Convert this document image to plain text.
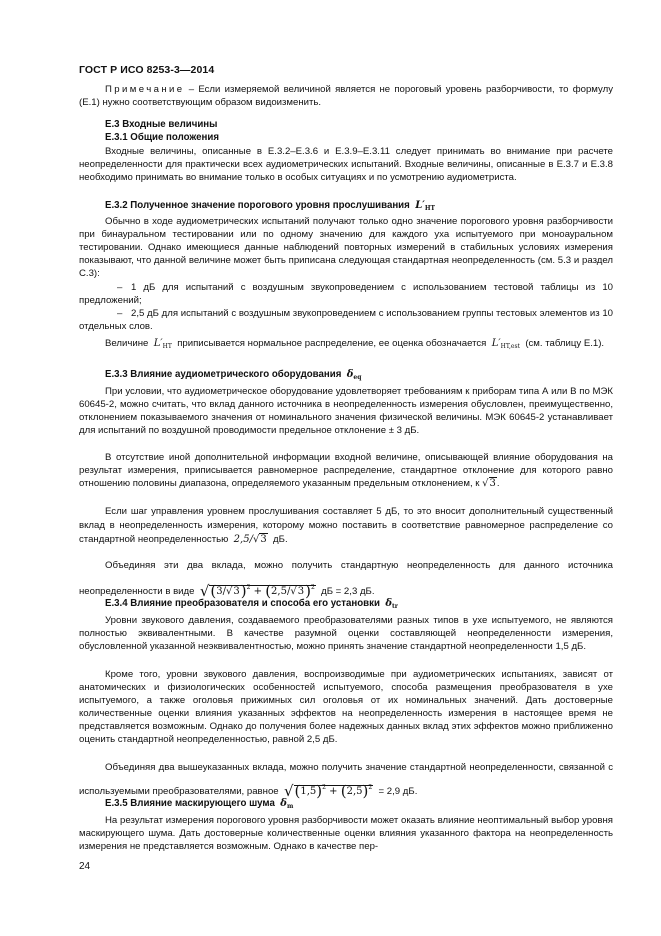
ГОСТ Р ИСО 8253-3—2014

Примечание – Если измеряемой величиной является не пороговый уровень разборчивости, то формулу (Е.1) нужно соответствующим образом видоизменить.

Е.3 Входные величины

Е.3.1 Общие положения

Входные величины, описанные в Е.3.2–Е.3.6 и Е.3.9–Е.3.11 следует принимать во внимание при расчете неопределенности для практически всех аудиометрических испытаний. Входные величины, описанные в Е.3.7 и Е.3.8 необходимо принимать во внимание только в особых ситуациях и по усмотрению аудиометриста.

Е.3.2 Полученное значение порогового уровня прослушивания $L'_{HT}$

Обычно в ходе аудиометрических испытаний получают только одно значение порогового уровня разборчивости при бинауральном тестировании или по одному значению для каждого уха испытуемого при моноауральном тестировании. Однако имеющиеся данные наблюдений повторных измерений в стабильных условиях измерения показывают, что данной величине может быть приписана следующая стандартная неопределенность (см. 5.3 и раздел С.3):

– 1 дБ для испытаний с воздушным звукопроведением с использованием тестовой таблицы из 10 предложений;

– 2,5 дБ для испытаний с воздушным звукопроведением с использованием группы тестовых элементов из 10 отдельных слов.

Величине $L'_{HT}$ приписывается нормальное распределение, ее оценка обозначается $L'_{HT,est}$ (см. таблицу Е.1).

Е.3.3 Влияние аудиометрического оборудования $\delta_{eq}$

При условии, что аудиометрическое оборудование удовлетворяет требованиям к приборам типа А или В по МЭК 60645-2, можно считать, что вклад данного источника в неопределенность измерения обусловлен, преимущественно, отклонением показываемого значения от номинального значения физической величины. МЭК 60645-2 устанавливает для испытаний по воздушной проводимости предельное отклонение ± 3 дБ.

В отсутствие иной дополнительной информации входной величине, описывающей влияние оборудования на результат измерения, приписывается равномерное распределение, стандартное отклонение для которого равно отношению половины диапазона, определяемого указанным предельным отклонением, к √3.

Если шаг управления уровнем прослушивания составляет 5 дБ, то это вносит дополнительный существенный вклад в неопределенность измерения, которому можно поставить в соответствие равномерное распределение со стандартной неопределенностью 2,5/√3 дБ.

Объединяя эти два вклада, можно получить стандартную неопределенность для данного источника неопределенности в виде $√(3/√3)^2 + (2,5/√3)^2$ дБ = 2,3 дБ.

Е.3.4 Влияние преобразователя и способа его установки $\delta_{tr}$

Уровни звукового давления, создаваемого преобразователями разных типов в ухе испытуемого, не являются полностью эквивалентными. В качестве разумной оценки составляющей неопределенности измерения, обусловленной указанной неэквивалентностью, можно принять значение стандартной неопределенности 1,5 дБ.

Кроме того, уровни звукового давления, воспроизводимые при аудиометрических испытаниях, зависят от анатомических и физиологических особенностей испытуемого, способа размещения преобразователя в ухе испытуемого, а также оголовья прижимных сил оголовья от их номинальных значений. Дать достоверные количественные оценки влияния указанных эффектов на неопределенность измерения в настоящее время не представляется возможным. Однако до получения более надежных данных вклад этих эффектов можно приближенно оценить стандартной неопределенностью, равной 2,5 дБ.

Объединяя два вышеуказанных вклада, можно получить значение стандартной неопределенности, связанной с используемыми преобразователями, равное $√(1,5)^2 + (2,5)^2 = 2,9$ дБ.

Е.3.5 Влияние маскирующего шума $\delta_m$

На результат измерения порогового уровня разборчивости может оказать влияние неоптимальный выбор уровня маскирующего шума. Дать достоверные количественные оценки влияния указанного фактора на неопределенность измерения не представляется возможным. Однако в качестве пер-

24
